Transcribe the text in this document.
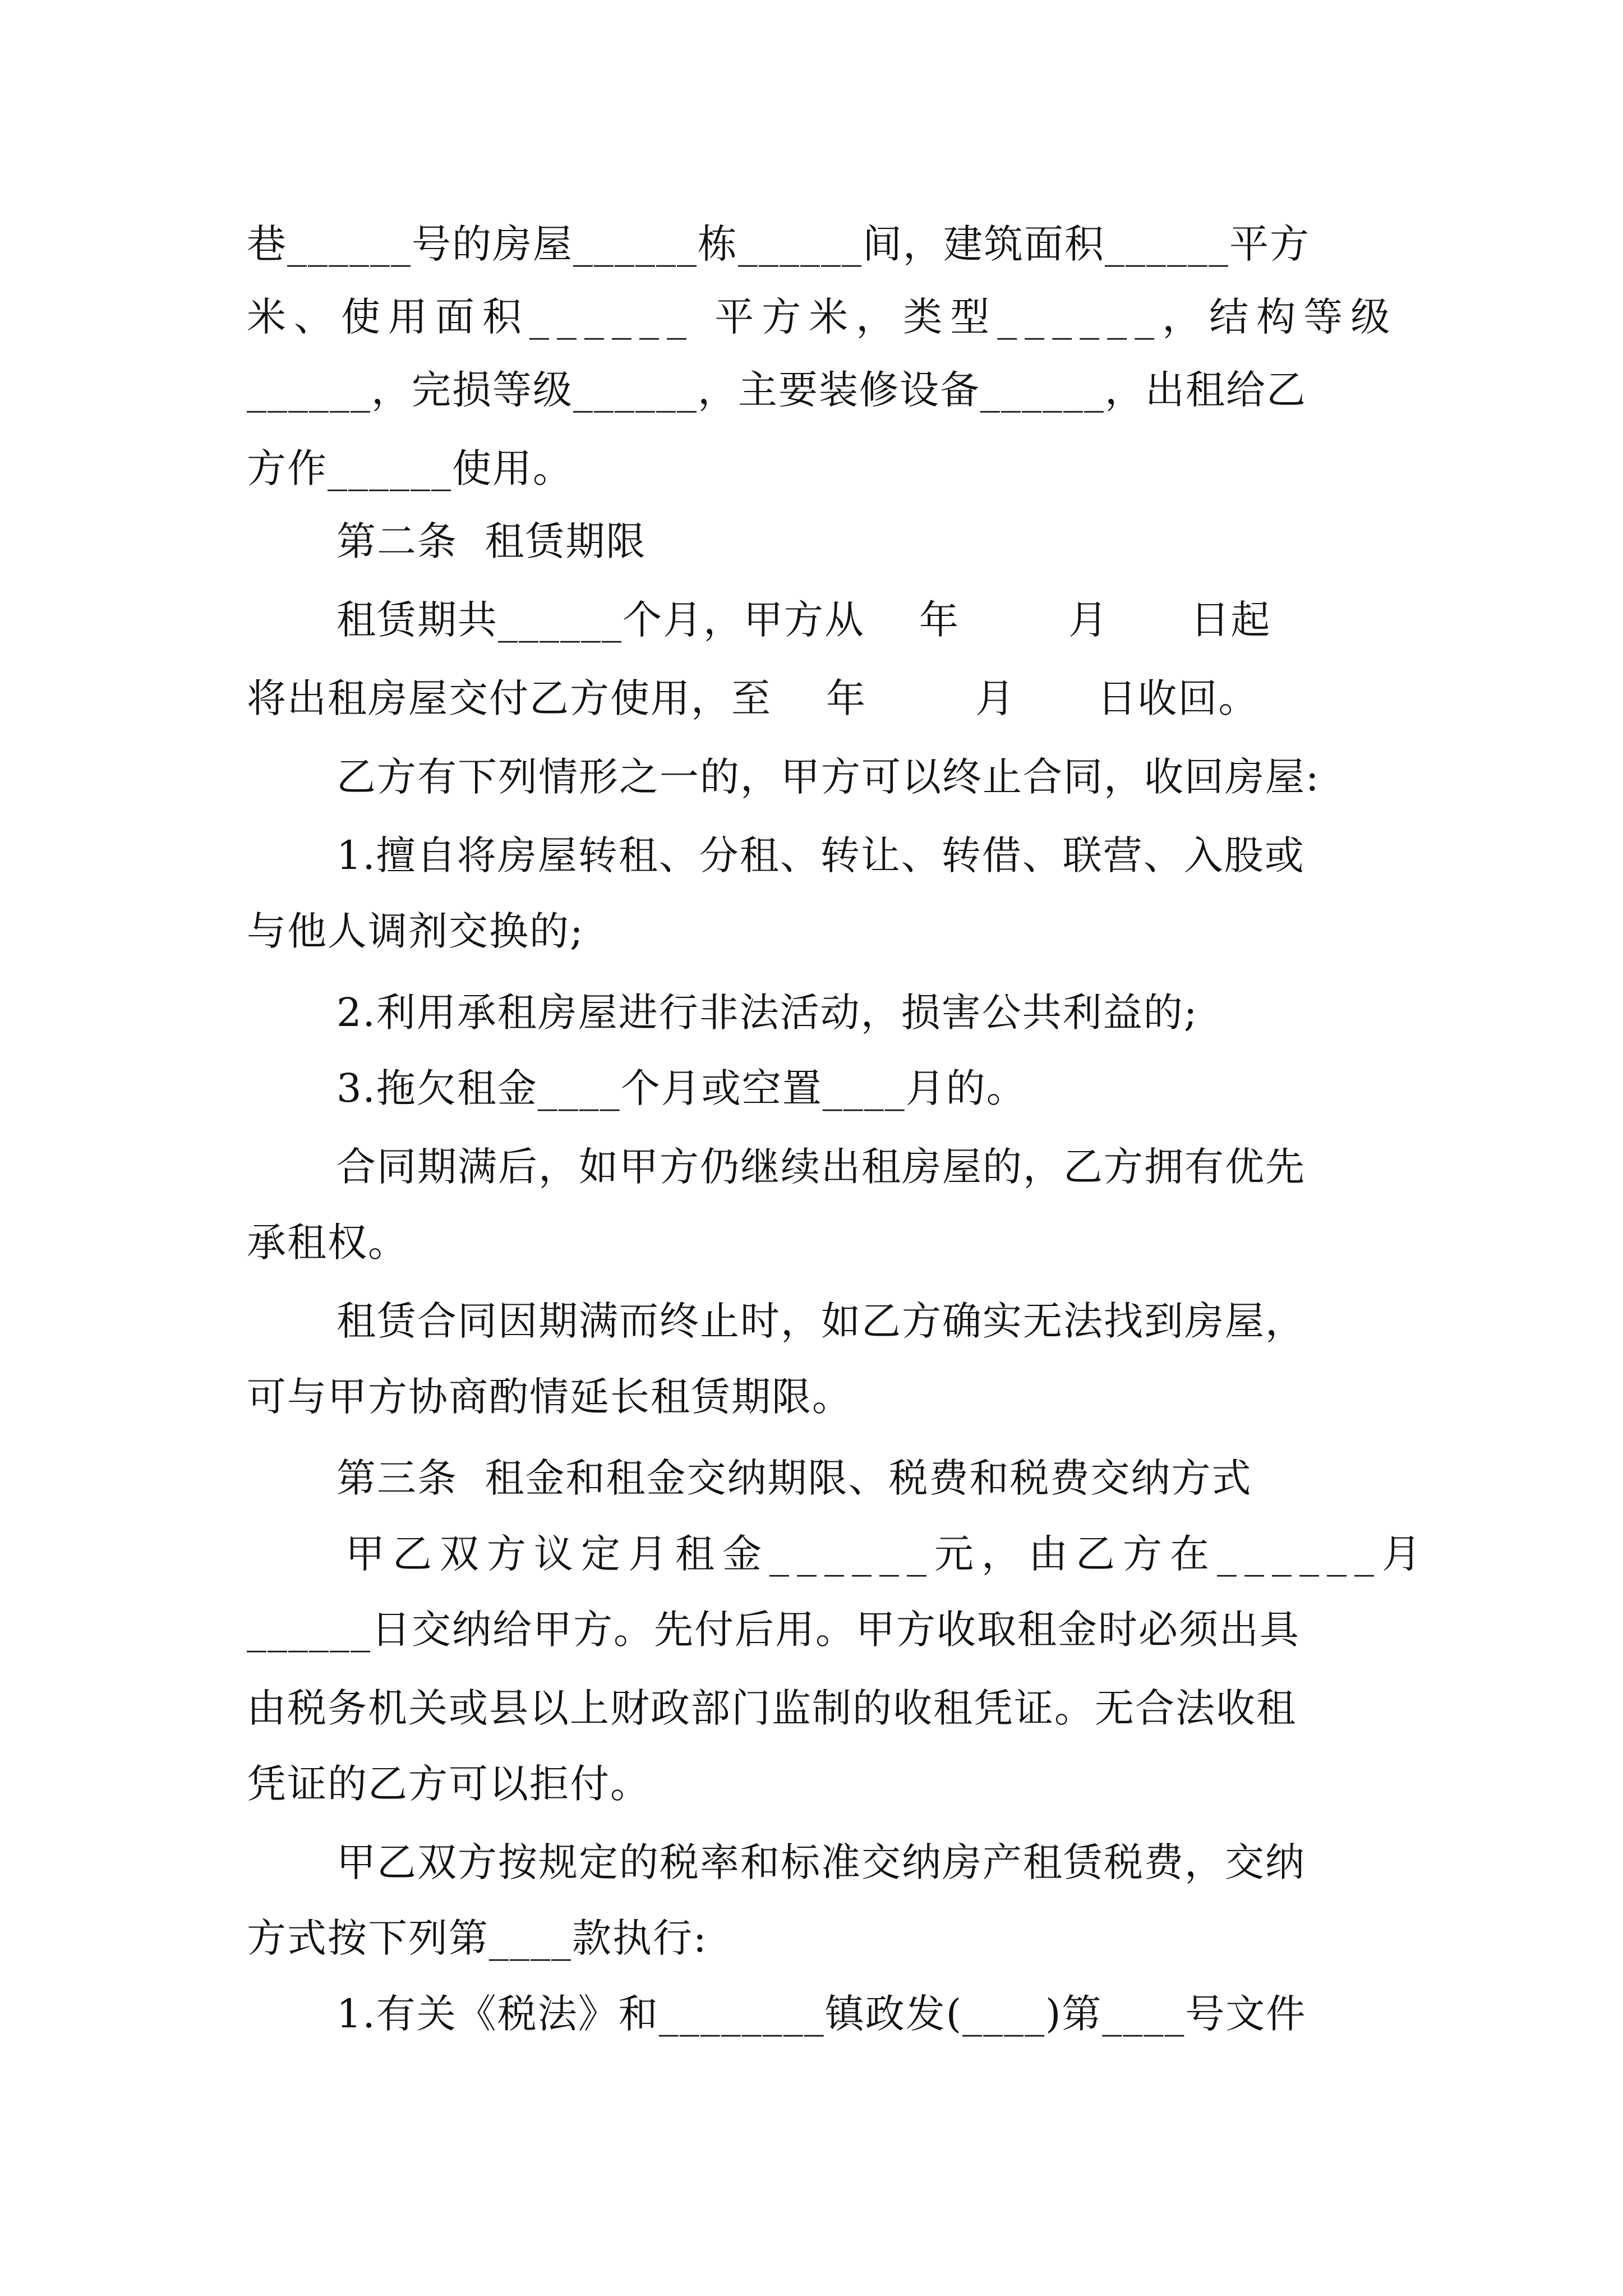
巷______号的房屋______栋______间，建筑面积______平方
米、使用面积______ 平方米，类型______，结构等级
______，完损等级______，主要装修设备______，出租给乙
方作______使用。
第二条  租赁期限
租赁期共______个月，甲方从    年        月      日起
将出租房屋交付乙方使用，至    年        月      日收回。
乙方有下列情形之一的，甲方可以终止合同，收回房屋:
1.擅自将房屋转租、分租、转让、转借、联营、入股或
与他人调剂交换的;
2.利用承租房屋进行非法活动，损害公共利益的;
3.拖欠租金____个月或空置____月的。
合同期满后，如甲方仍继续出租房屋的，乙方拥有优先
承租权。
租赁合同因期满而终止时，如乙方确实无法找到房屋，
可与甲方协商酌情延长租赁期限。
第三条  租金和租金交纳期限、税费和税费交纳方式
甲乙双方议定月租金______元，由乙方在______月
______日交纳给甲方。先付后用。甲方收取租金时必须出具
由税务机关或县以上财政部门监制的收租凭证。无合法收租
凭证的乙方可以拒付。
甲乙双方按规定的税率和标准交纳房产租赁税费，交纳
方式按下列第____款执行:
1.有关《税法》和________镇政发(____)第____号文件
